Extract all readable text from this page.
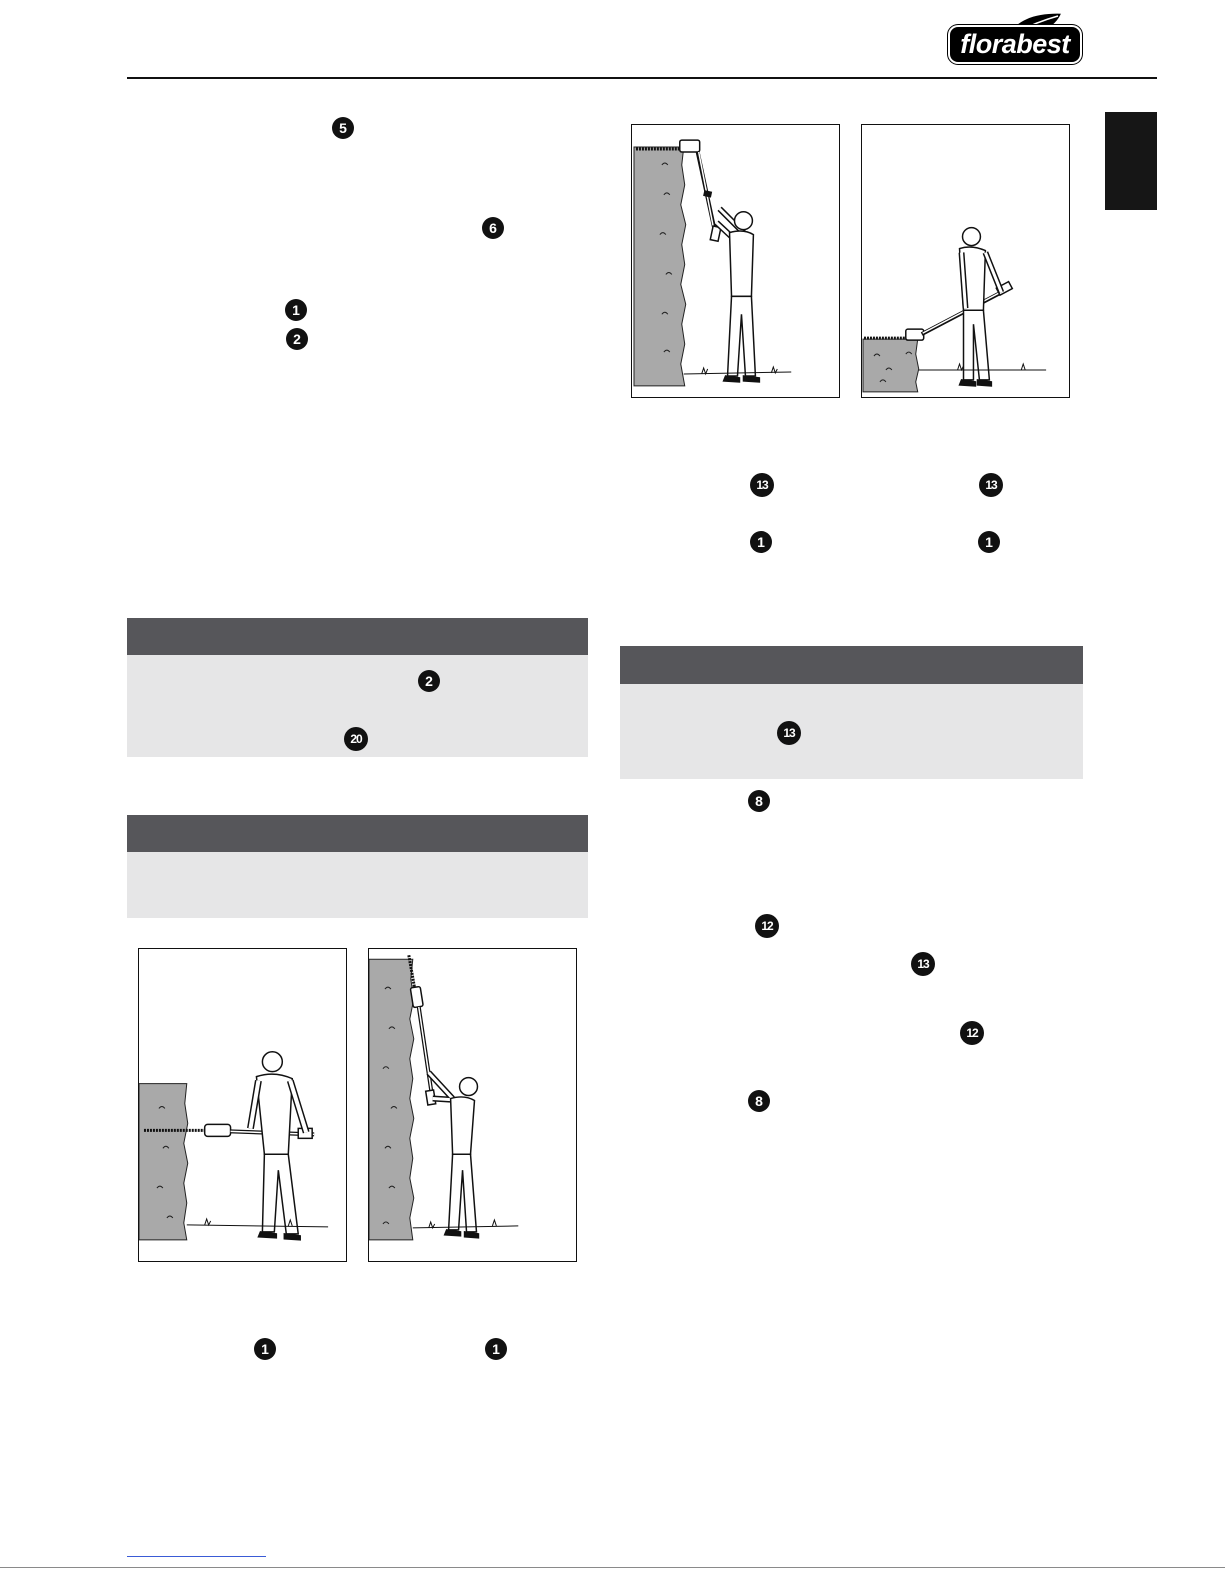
florabest
5
6
1
2
2
20	13
13	13
1	1
8
12
13
12
8
1	1
